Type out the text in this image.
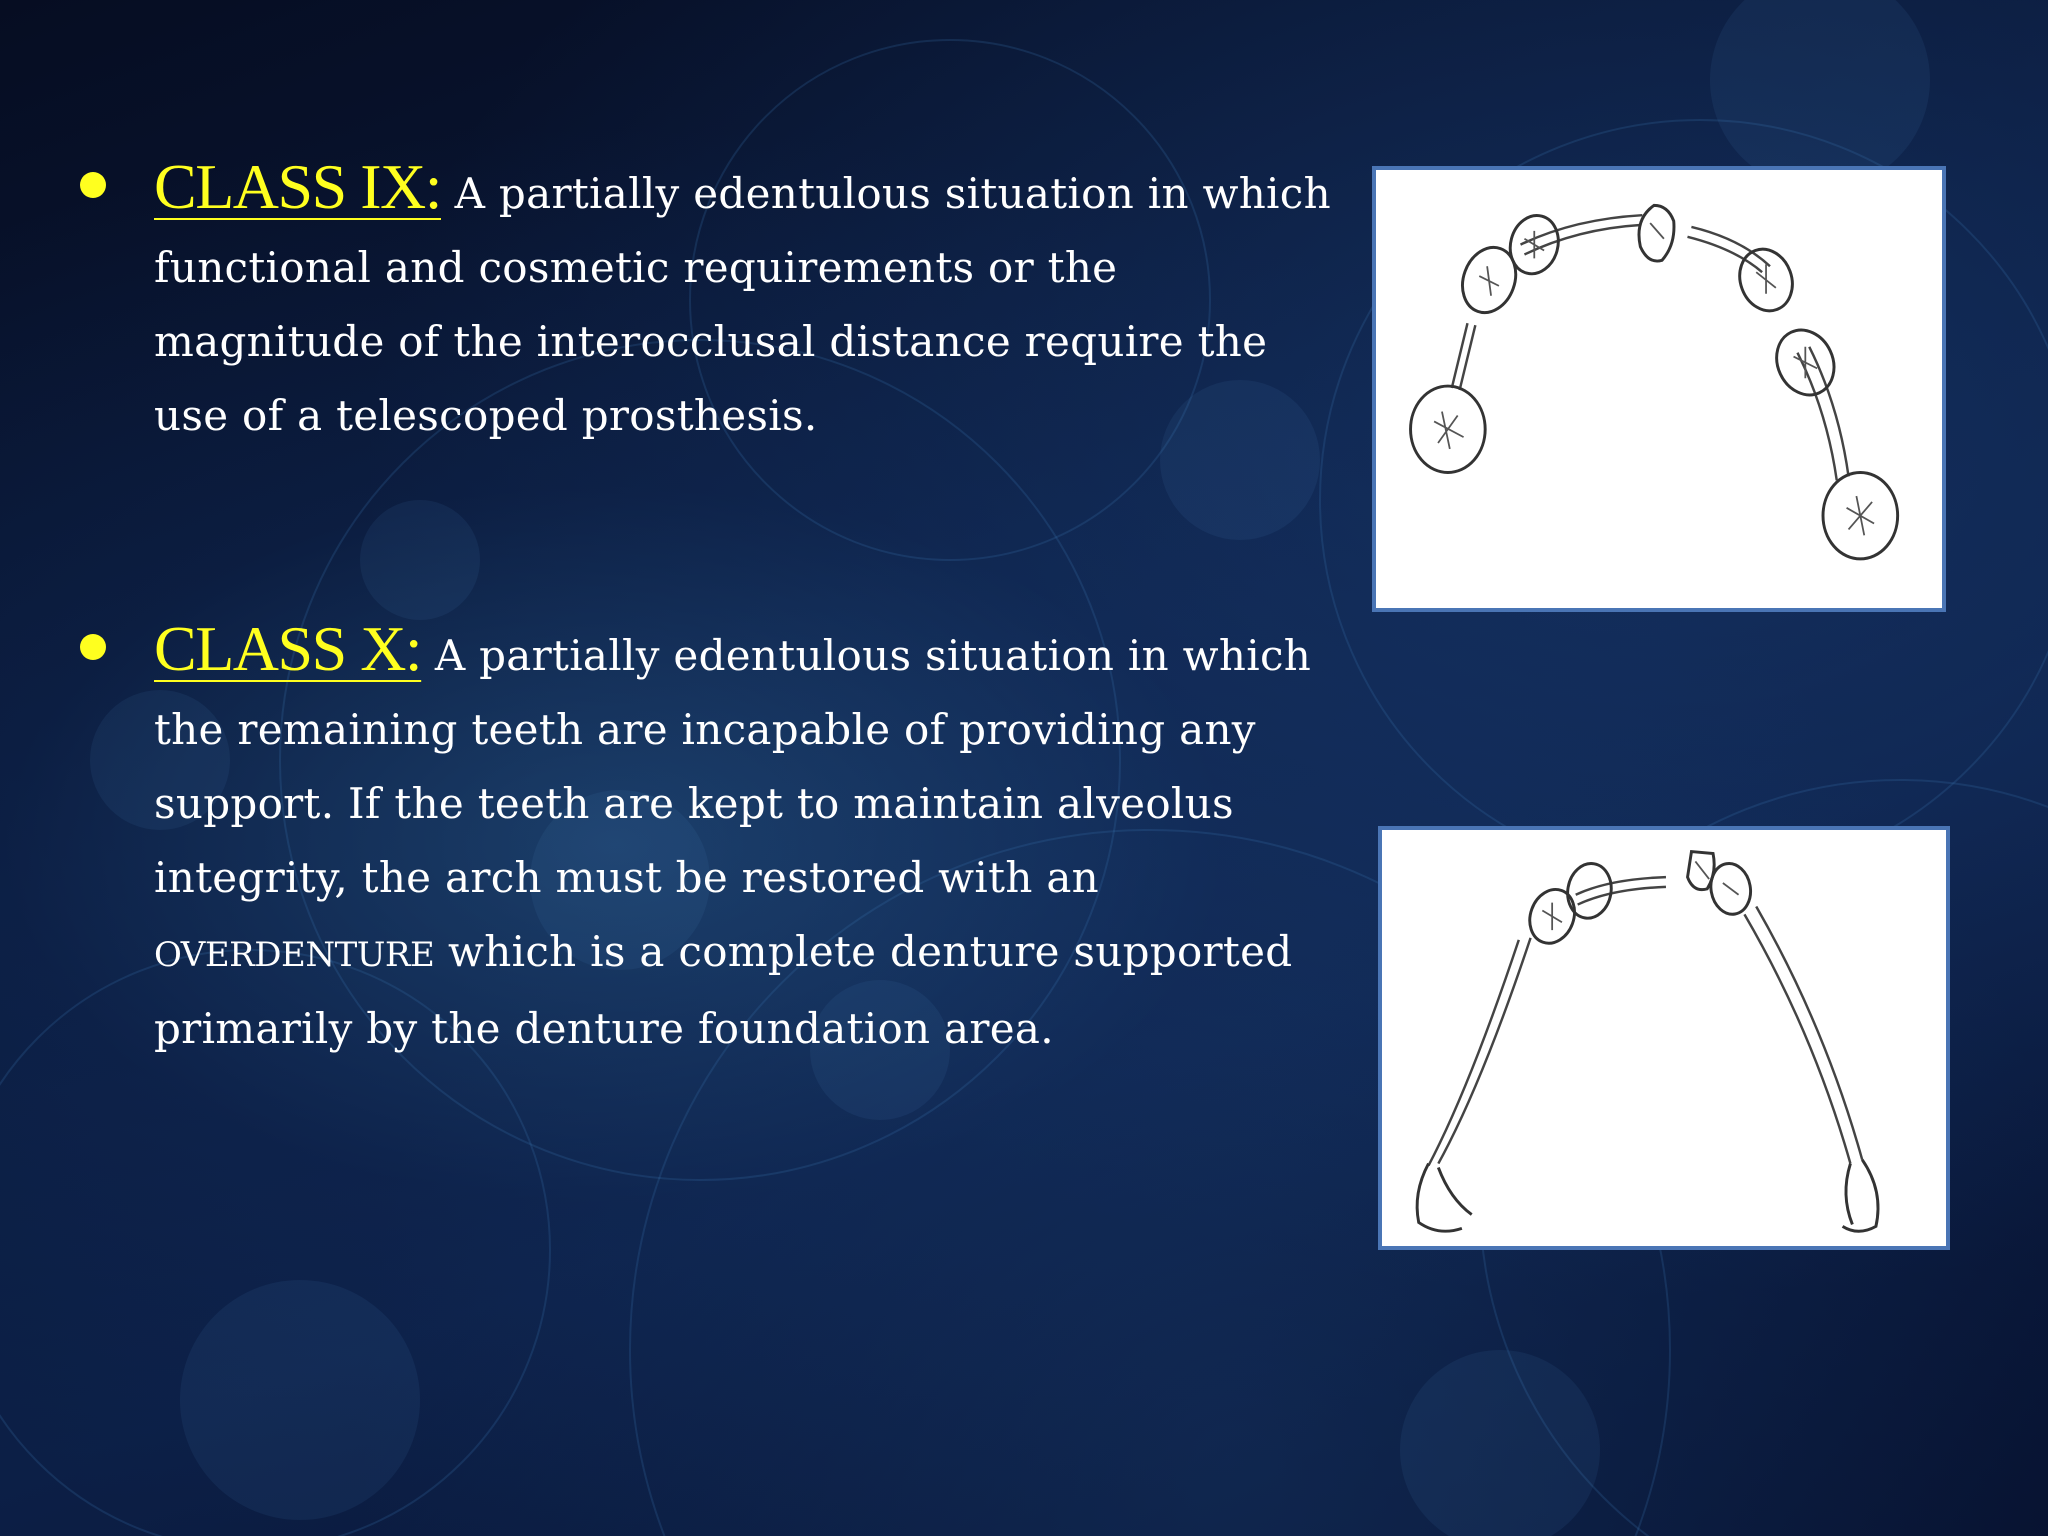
CLASS IX: A partially edentulous situation in which functional and cosmetic requirements or the magnitude of the interocclusal distance require the use of a telescoped prosthesis.
CLASS X: A partially edentulous situation in which the remaining teeth are incapable of providing any support. If the teeth are kept to maintain alveolus integrity, the arch must be restored with an OVERDENTURE which is a complete denture supported primarily by the denture foundation area.
